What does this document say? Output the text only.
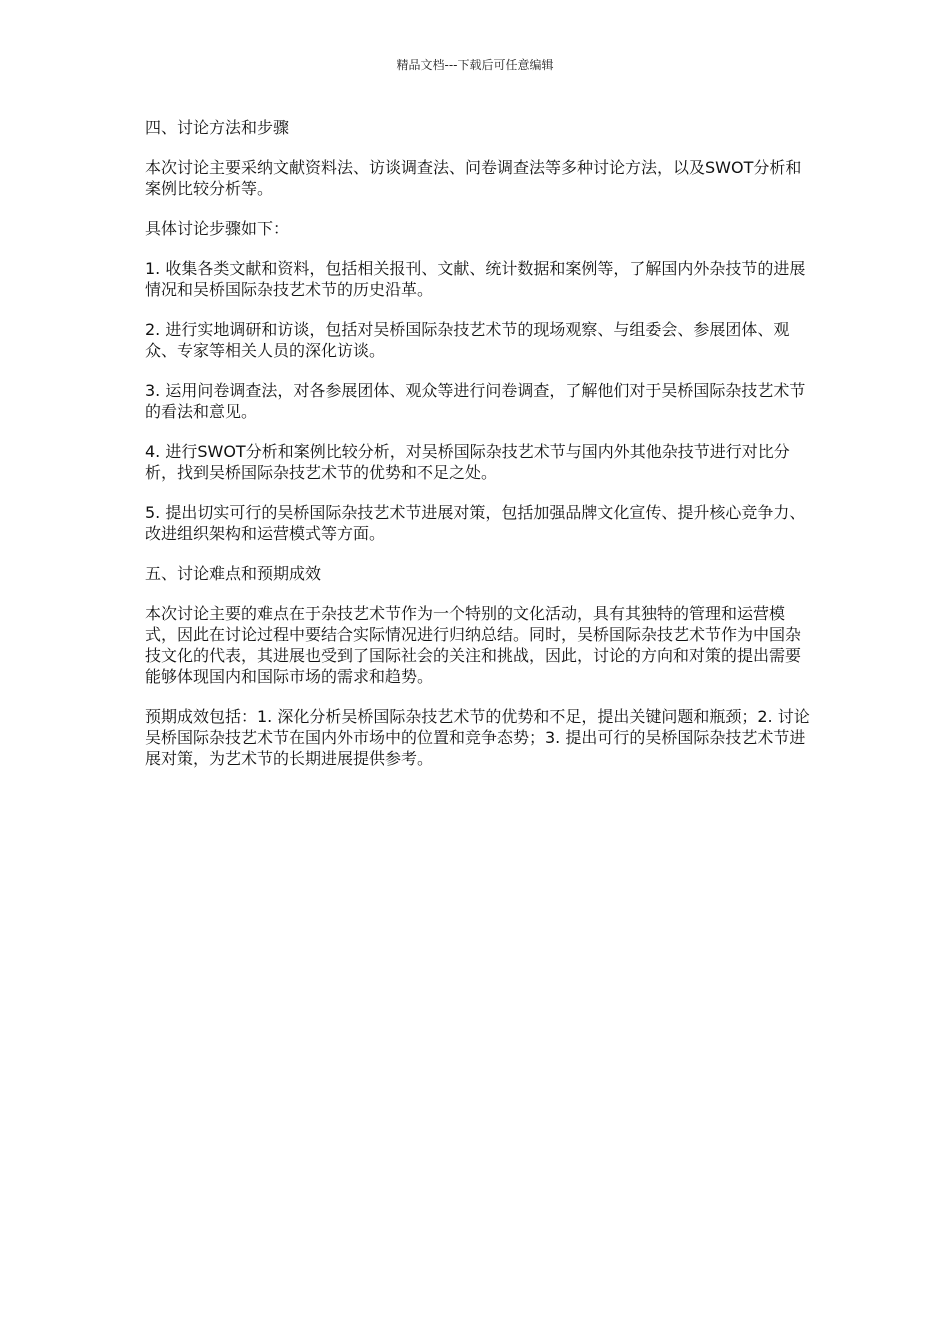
精品文档---下载后可任意编辑

四、讨论方法和步骤

本次讨论主要采纳文献资料法、访谈调查法、问卷调查法等多种讨论方法，以及SWOT分析和案例比较分析等。

具体讨论步骤如下：

1. 收集各类文献和资料，包括相关报刊、文献、统计数据和案例等，了解国内外杂技节的进展情况和吴桥国际杂技艺术节的历史沿革。

2. 进行实地调研和访谈，包括对吴桥国际杂技艺术节的现场观察、与组委会、参展团体、观众、专家等相关人员的深化访谈。

3. 运用问卷调查法，对各参展团体、观众等进行问卷调查，了解他们对于吴桥国际杂技艺术节的看法和意见。

4. 进行SWOT分析和案例比较分析，对吴桥国际杂技艺术节与国内外其他杂技节进行对比分析，找到吴桥国际杂技艺术节的优势和不足之处。

5. 提出切实可行的吴桥国际杂技艺术节进展对策，包括加强品牌文化宣传、提升核心竞争力、改进组织架构和运营模式等方面。

五、讨论难点和预期成效

本次讨论主要的难点在于杂技艺术节作为一个特别的文化活动，具有其独特的管理和运营模式，因此在讨论过程中要结合实际情况进行归纳总结。同时，吴桥国际杂技艺术节作为中国杂技文化的代表，其进展也受到了国际社会的关注和挑战，因此，讨论的方向和对策的提出需要能够体现国内和国际市场的需求和趋势。

预期成效包括：1. 深化分析吴桥国际杂技艺术节的优势和不足，提出关键问题和瓶颈；2. 讨论吴桥国际杂技艺术节在国内外市场中的位置和竞争态势；3. 提出可行的吴桥国际杂技艺术节进展对策，为艺术节的长期进展提供参考。
